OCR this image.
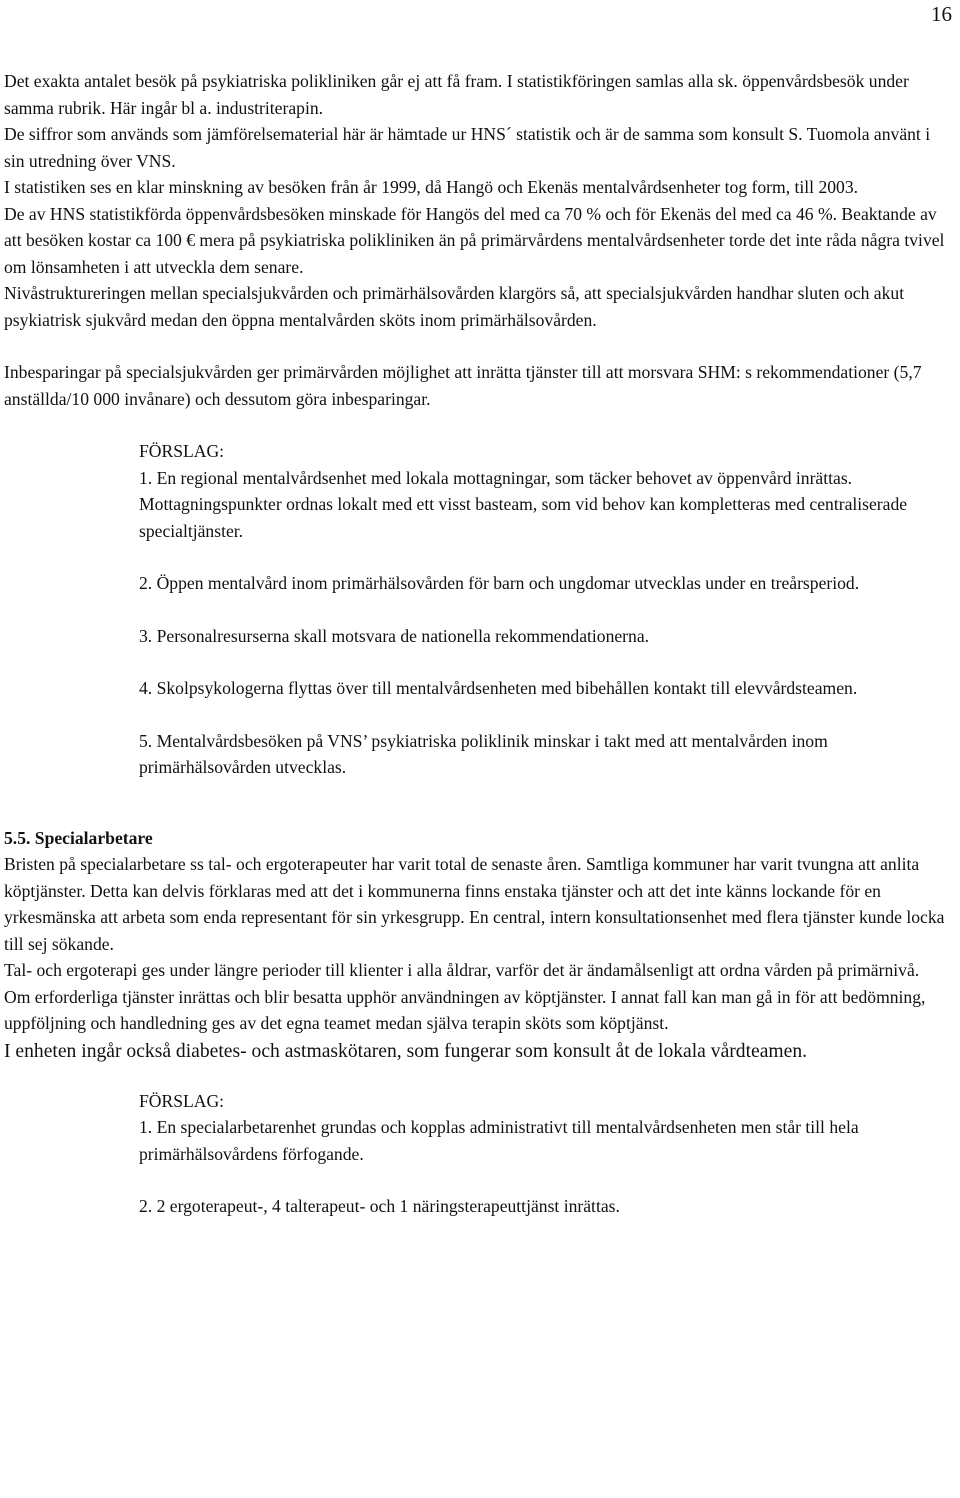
16

Det exakta antalet besök på psykiatriska polikliniken går ej att få fram. I statistikföringen samlas alla sk. öppenvårdsbesök under samma rubrik. Här ingår bl a. industriterapin.

De siffror som används som jämförelsematerial här är hämtade ur HNS´ statistik och är de samma som konsult S. Tuomola använt i sin utredning över VNS.

I statistiken ses en klar minskning av besöken från år 1999, då Hangö och Ekenäs mentalvårdsenheter tog form, till 2003.

De av HNS statistikförda öppenvårdsbesöken minskade för Hangös del med ca 70 % och för Ekenäs del med ca 46 %. Beaktande av att besöken kostar ca 100 € mera på psykiatriska polikliniken än på primärvårdens mentalvårdsenheter torde det inte råda några tvivel om lönsamheten i att utveckla dem senare.

Nivåstruktureringen mellan specialsjukvården och primärhälsovården klargörs så, att specialsjukvården handhar sluten och akut psykiatrisk sjukvård medan den öppna mentalvården sköts inom primärhälsovården.

Inbesparingar på specialsjukvården ger primärvården möjlighet att inrätta tjänster till att morsvara SHM: s rekommendationer (5,7 anställda/10 000 invånare) och dessutom göra inbesparingar.

FÖRSLAG:

1. En regional mentalvårdsenhet med lokala mottagningar, som täcker behovet av öppenvård inrättas. Mottagningspunkter ordnas lokalt med ett visst basteam, som vid behov kan kompletteras med centraliserade specialtjänster.

2. Öppen mentalvård inom primärhälsovården för barn och ungdomar utvecklas under en treårsperiod.

3. Personalresurserna skall motsvara de nationella rekommendationerna.

4. Skolpsykologerna flyttas över till mentalvårdsenheten med bibehållen kontakt till elevvårdsteamen.

5. Mentalvårdsbesöken på VNS’ psykiatriska poliklinik minskar i takt med att mentalvården inom primärhälsovården utvecklas.

5.5. Specialarbetare

Bristen på specialarbetare ss tal- och ergoterapeuter har varit total de senaste åren. Samtliga kommuner har varit tvungna att anlita köptjänster. Detta kan delvis förklaras med att det i kommunerna finns enstaka tjänster och att det inte känns lockande för en yrkesmänska att arbeta som enda representant för sin yrkesgrupp. En central, intern konsultationsenhet med flera tjänster kunde locka till sej sökande.

Tal- och ergoterapi ges under längre perioder till klienter i alla åldrar, varför det är ändamålsenligt att ordna vården på primärnivå.

Om erforderliga tjänster inrättas och blir besatta upphör användningen av köptjänster. I annat fall kan man gå in för att bedömning, uppföljning och handledning ges av det egna teamet medan själva terapin sköts som köptjänst.

I enheten ingår också diabetes- och astmaskötaren, som fungerar som konsult åt de lokala vårdteamen.

FÖRSLAG:

1. En specialarbetarenhet grundas och kopplas administrativt till mentalvårdsenheten men står till hela primärhälsovårdens förfogande.

2. 2 ergoterapeut-, 4 talterapeut- och 1 näringsterapeuttjänst inrättas.
